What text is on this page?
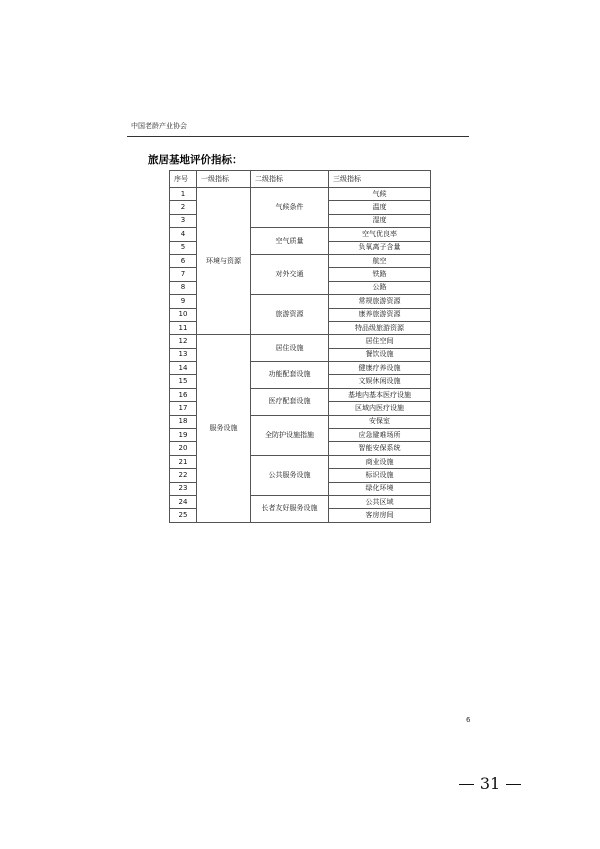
中国老龄产业协会
旅居基地评价指标：
序号	一级指标	二级指标	三级指标
1	环境与资源	气候条件	气候
2			温度
3			湿度
4		空气质量	空气优良率
5			负氧离子含量
6		对外交通	航空
7			铁路
8			公路
9		旅游资源	常规旅游资源
10			康养旅游资源
11			特品级旅游资源
12	服务设施	居住设施	居住空间
13			餐饮设施
14		功能配套设施	健康疗养设施
15			文娱休闲设施
16		医疗配套设施	基地内基本医疗设施
17			区域内医疗设施
18		全防护设施指施	安保室
19			应急避难场所
20			智能安保系统
21		公共服务设施	商业设施
22			标识设施
23			绿化环境
24		长者友好服务设施	公共区域
25			客房房间
6
31
